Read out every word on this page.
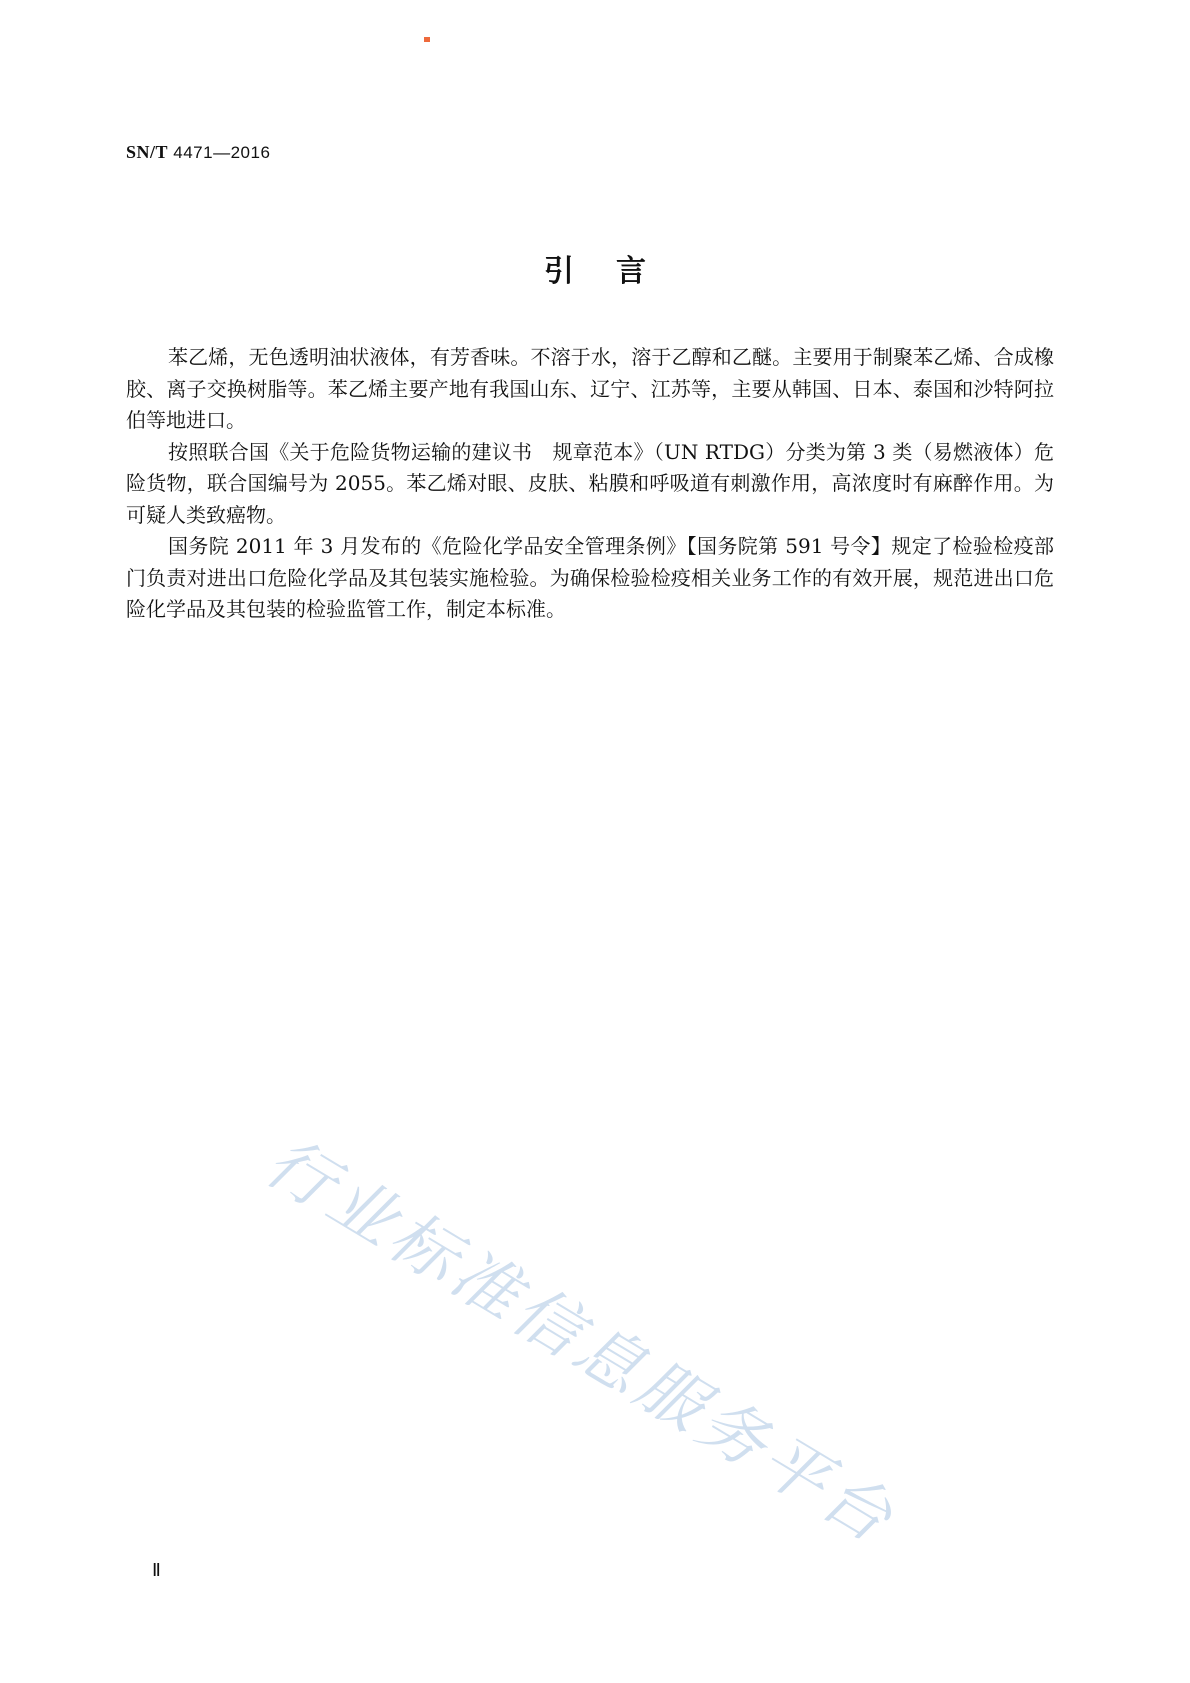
SN/T 4471—2016
引言

苯乙烯，无色透明油状液体，有芳香味。不溶于水，溶于乙醇和乙醚。主要用于制聚苯乙烯、合成橡胶、离子交换树脂等。苯乙烯主要产地有我国山东、辽宁、江苏等，主要从韩国、日本、泰国和沙特阿拉伯等地进口。

按照联合国《关于危险货物运输的建议书　规章范本》（UN RTDG）分类为第 3 类（易燃液体）危险货物，联合国编号为 2055。苯乙烯对眼、皮肤、粘膜和呼吸道有刺激作用，高浓度时有麻醉作用。为可疑人类致癌物。

国务院 2011 年 3 月发布的《危险化学品安全管理条例》【国务院第 591 号令】规定了检验检疫部门负责对进出口危险化学品及其包装实施检验。为确保检验检疫相关业务工作的有效开展，规范进出口危险化学品及其包装的检验监管工作，制定本标准。

行业标准信息服务平台
Ⅱ
